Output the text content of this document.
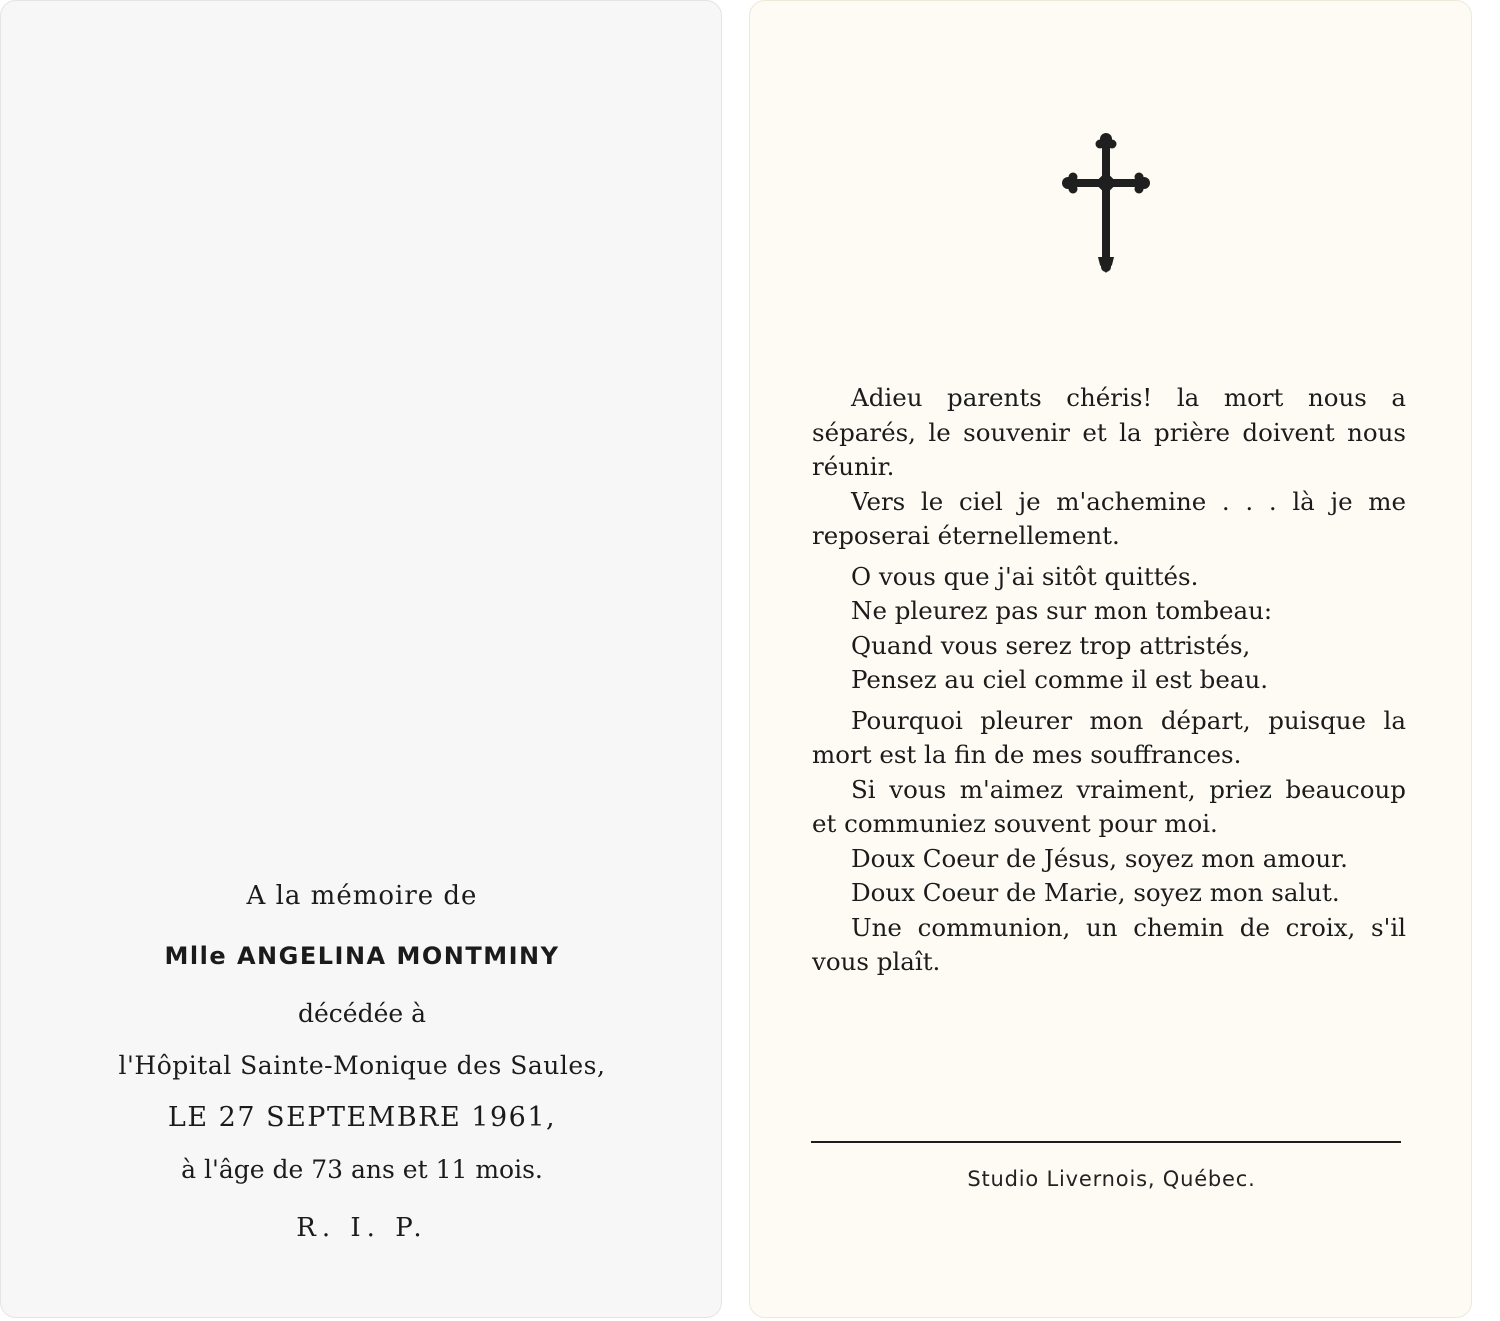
A la mémoire de
Mlle ANGELINA MONTMINY
décédée à
l'Hôpital Sainte-Monique des Saules,
LE 27 SEPTEMBRE 1961,
à l'âge de 73 ans et 11 mois.
R. I. P.

Adieu parents chéris! la mort nous a séparés, le souvenir et la prière doivent nous réunir.

Vers le ciel je m'achemine . . . là je me reposerai éternellement.

O vous que j'ai sitôt quittés.
Ne pleurez pas sur mon tombeau:
Quand vous serez trop attristés,
Pensez au ciel comme il est beau.

Pourquoi pleurer mon départ, puisque la mort est la fin de mes souffrances.

Si vous m'aimez vraiment, priez beaucoup et communiez souvent pour moi.

Doux Coeur de Jésus, soyez mon amour.

Doux Coeur de Marie, soyez mon salut.

Une communion, un chemin de croix, s'il vous plaît.

Studio Livernois, Québec.
